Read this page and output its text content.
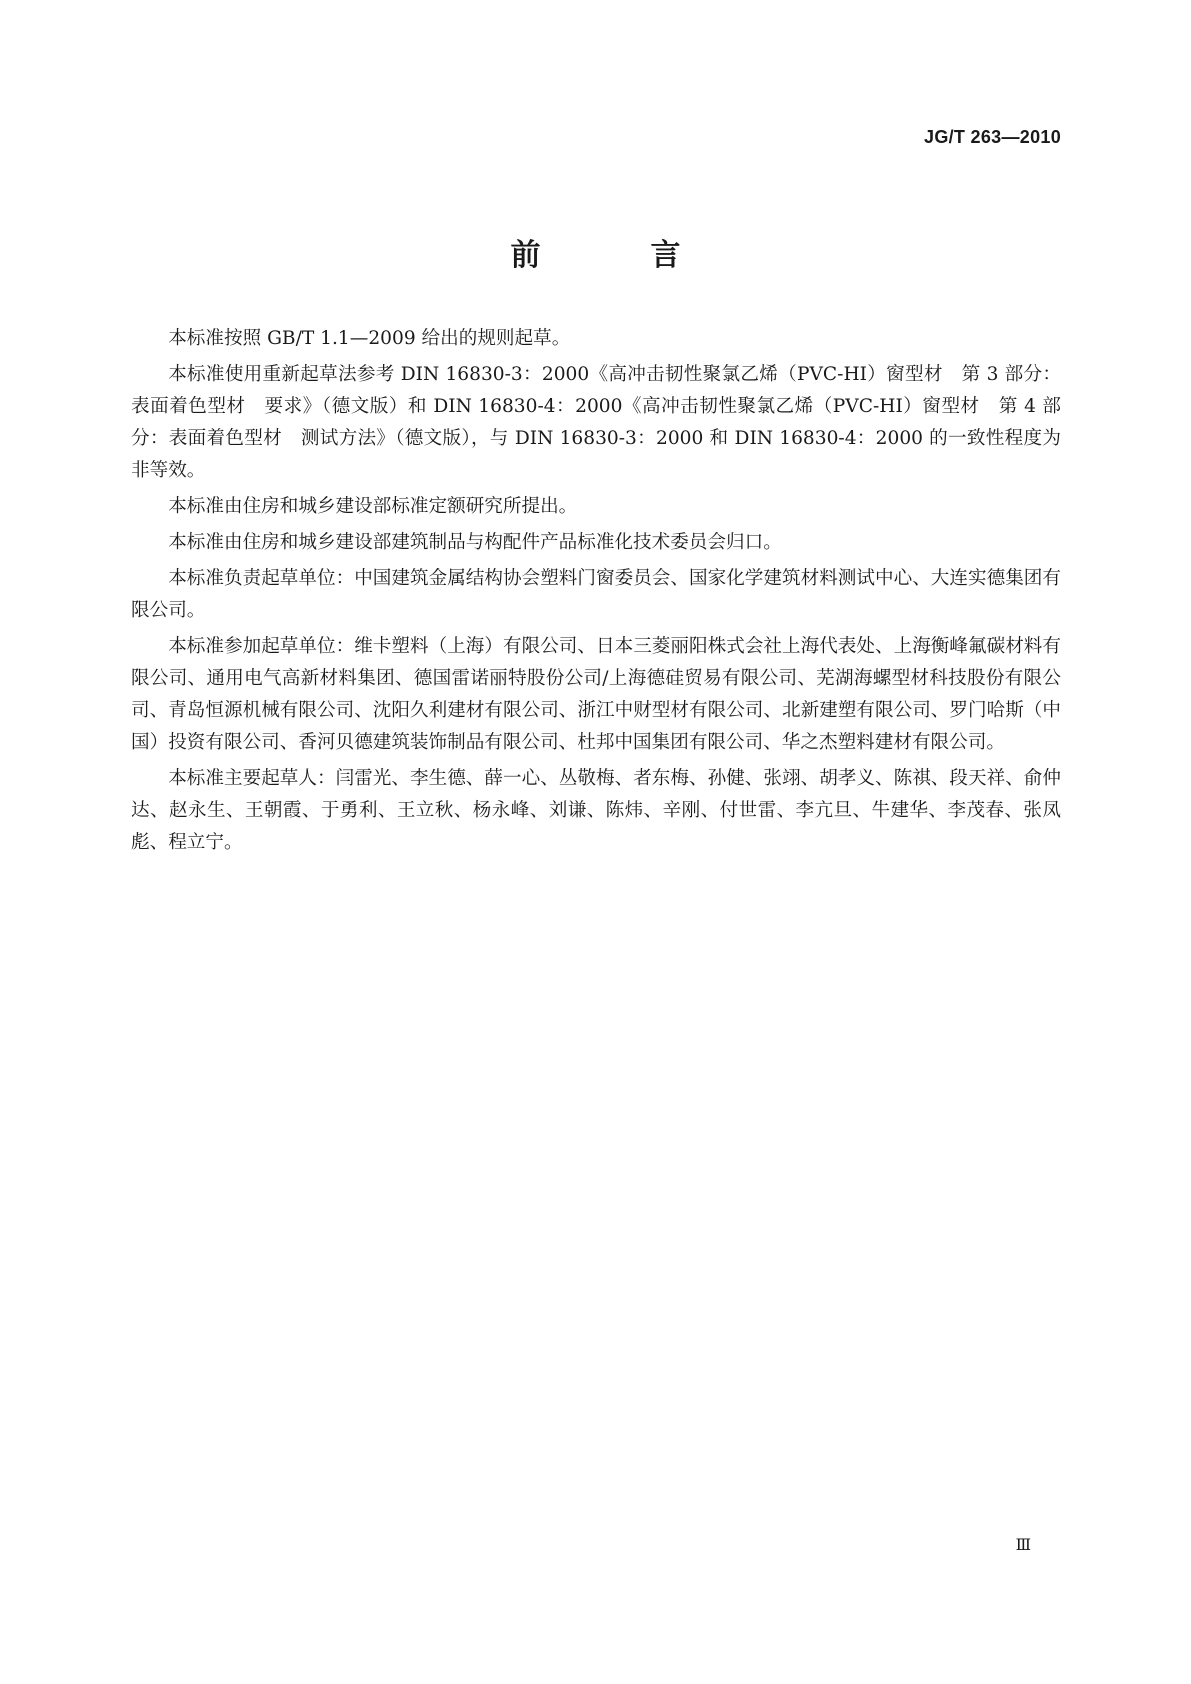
JG/T 263—2010
前　言

本标准按照 GB/T 1.1—2009 给出的规则起草。

本标准使用重新起草法参考 DIN 16830-3：2000《高冲击韧性聚氯乙烯（PVC-HI）窗型材　第 3 部分：表面着色型材　要求》（德文版）和 DIN 16830-4：2000《高冲击韧性聚氯乙烯（PVC-HI）窗型材　第 4 部分：表面着色型材　测试方法》（德文版），与 DIN 16830-3：2000 和 DIN 16830-4：2000 的一致性程度为非等效。

本标准由住房和城乡建设部标准定额研究所提出。

本标准由住房和城乡建设部建筑制品与构配件产品标准化技术委员会归口。

本标准负责起草单位：中国建筑金属结构协会塑料门窗委员会、国家化学建筑材料测试中心、大连实德集团有限公司。

本标准参加起草单位：维卡塑料（上海）有限公司、日本三菱丽阳株式会社上海代表处、上海衡峰氟碳材料有限公司、通用电气高新材料集团、德国雷诺丽特股份公司/上海德硅贸易有限公司、芜湖海螺型材科技股份有限公司、青岛恒源机械有限公司、沈阳久利建材有限公司、浙江中财型材有限公司、北新建塑有限公司、罗门哈斯（中国）投资有限公司、香河贝德建筑装饰制品有限公司、杜邦中国集团有限公司、华之杰塑料建材有限公司。

本标准主要起草人：闫雷光、李生德、薛一心、丛敬梅、者东梅、孙健、张翊、胡孝义、陈祺、段天祥、俞仲达、赵永生、王朝霞、于勇利、王立秋、杨永峰、刘谦、陈炜、辛刚、付世雷、李亢旦、牛建华、李茂春、张凤彪、程立宁。

Ⅲ
